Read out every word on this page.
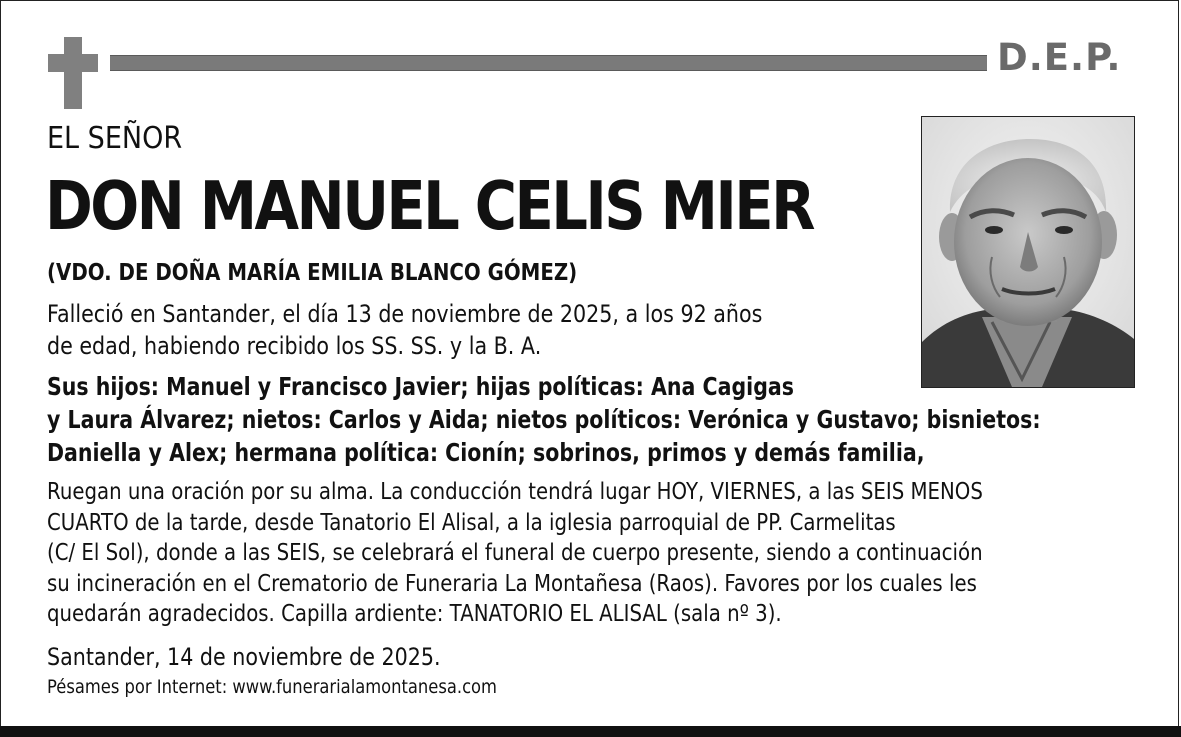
D.E.P.
EL SEÑOR
DON MANUEL CELIS MIER
(VDO. DE DOÑA MARÍA EMILIA BLANCO GÓMEZ)
Falleció en Santander, el día 13 de noviembre de 2025, a los 92 años
de edad, habiendo recibido los SS. SS. y la B. A.
Sus hijos: Manuel y Francisco Javier; hijas políticas: Ana Cagigas
y Laura Álvarez; nietos: Carlos y Aida; nietos políticos: Verónica y Gustavo; bisnietos:
Daniella y Alex; hermana política: Cionín; sobrinos, primos y demás familia,
Ruegan una oración por su alma. La conducción tendrá lugar HOY, VIERNES, a las SEIS MENOS
CUARTO de la tarde, desde Tanatorio El Alisal, a la iglesia parroquial de PP. Carmelitas
(C/ El Sol), donde a las SEIS, se celebrará el funeral de cuerpo presente, siendo a continuación
su incineración en el Crematorio de Funeraria La Montañesa (Raos). Favores por los cuales les
quedarán agradecidos. Capilla ardiente: TANATORIO EL ALISAL (sala nº 3).
Santander, 14 de noviembre de 2025.
Pésames por Internet: www.funerarialamontanesa.com
